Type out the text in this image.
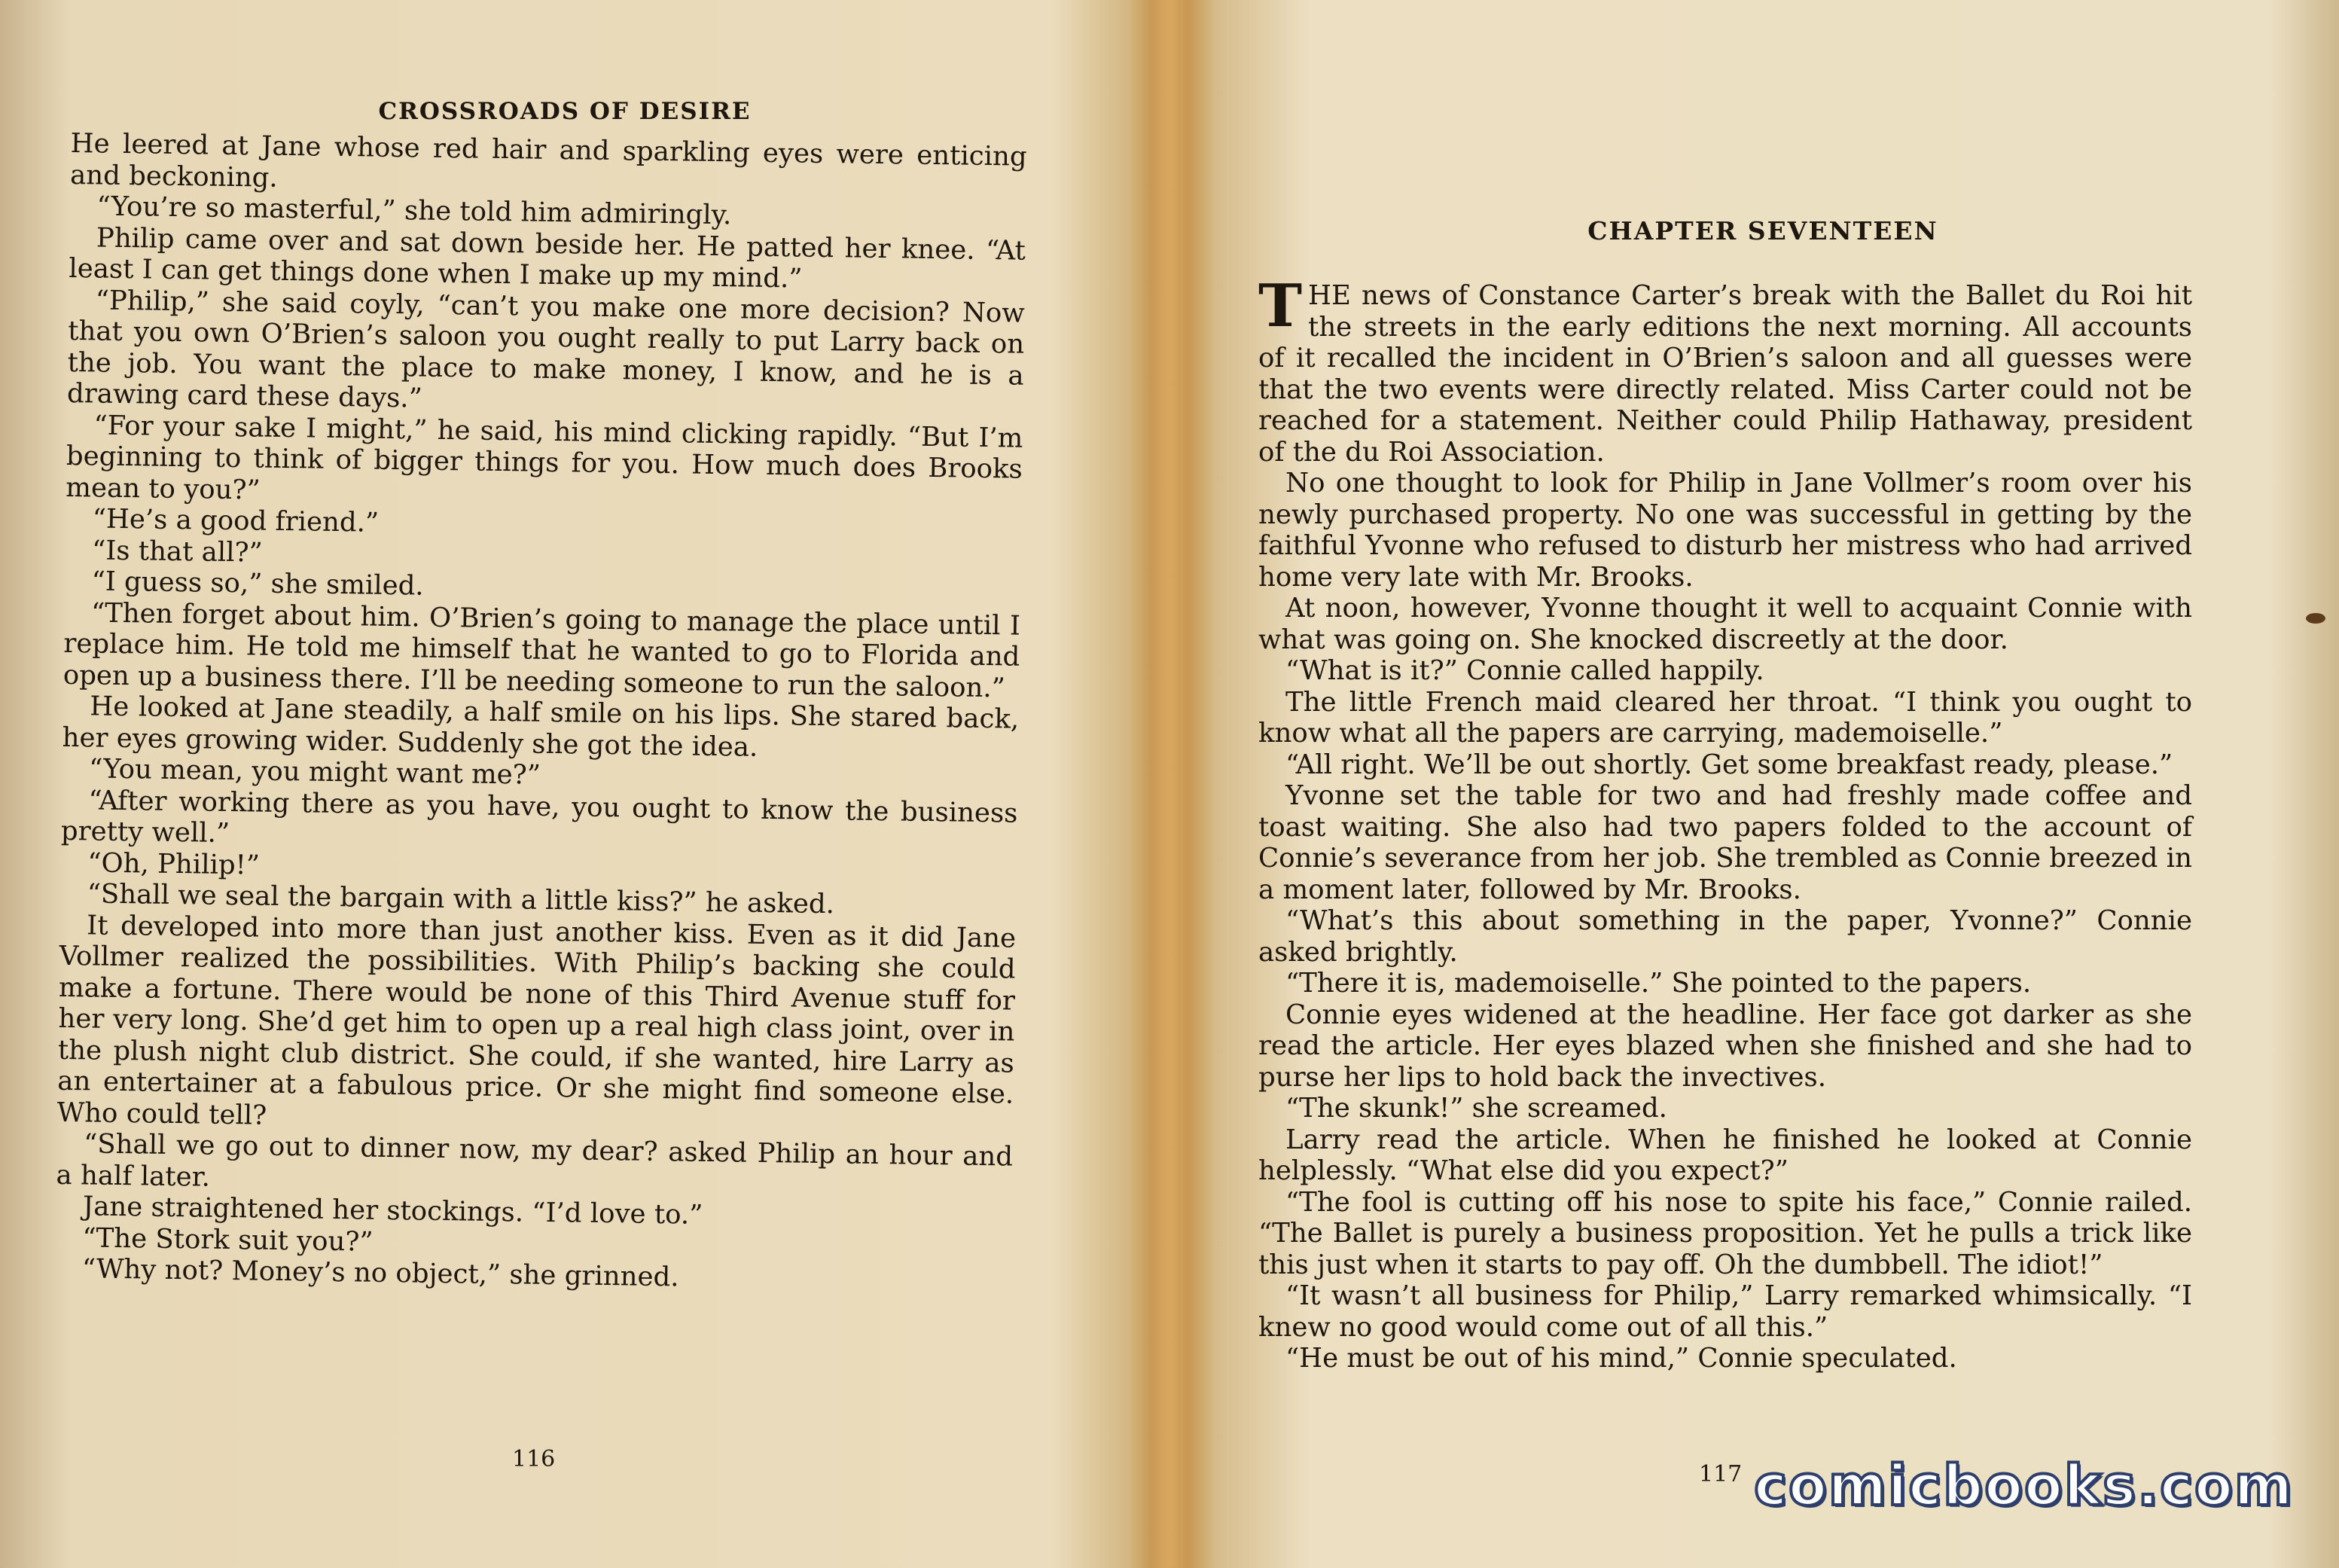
CROSSROADS OF DESIRE

He leered at Jane whose red hair and sparkling eyes were enticing and beckoning.

“You’re so masterful,” she told him admiringly.

Philip came over and sat down beside her. He patted her knee. “At least I can get things done when I make up my mind.”

“Philip,” she said coyly, “can’t you make one more decision? Now that you own O’Brien’s saloon you ought really to put Larry back on the job. You want the place to make money, I know, and he is a drawing card these days.”

“For your sake I might,” he said, his mind clicking rapidly. “But I’m beginning to think of bigger things for you. How much does Brooks mean to you?”

“He’s a good friend.”

“Is that all?”

“I guess so,” she smiled.

“Then forget about him. O’Brien’s going to manage the place until I replace him. He told me himself that he wanted to go to Florida and open up a business there. I’ll be needing someone to run the saloon.”

He looked at Jane steadily, a half smile on his lips. She stared back, her eyes growing wider. Suddenly she got the idea.

“You mean, you might want me?”

“After working there as you have, you ought to know the business pretty well.”

“Oh, Philip!”

“Shall we seal the bargain with a little kiss?” he asked.

It developed into more than just another kiss. Even as it did Jane Vollmer realized the possibilities. With Philip’s backing she could make a fortune. There would be none of this Third Avenue stuff for her very long. She’d get him to open up a real high class joint, over in the plush night club district. She could, if she wanted, hire Larry as an entertainer at a fabulous price. Or she might find someone else. Who could tell?

“Shall we go out to dinner now, my dear? asked Philip an hour and a half later.

Jane straightened her stockings. “I’d love to.”

“The Stork suit you?”

“Why not? Money’s no object,” she grinned.

116
CHAPTER SEVENTEEN

THE news of Constance Carter’s break with the Ballet du Roi hit the streets in the early editions the next morning. All accounts of it recalled the incident in O’Brien’s saloon and all guesses were that the two events were directly related. Miss Carter could not be reached for a statement. Neither could Philip Hathaway, president of the du Roi Association.

No one thought to look for Philip in Jane Vollmer’s room over his newly purchased property. No one was successful in getting by the faithful Yvonne who refused to disturb her mistress who had arrived home very late with Mr. Brooks.

At noon, however, Yvonne thought it well to acquaint Connie with what was going on. She knocked discreetly at the door.

“What is it?” Connie called happily.

The little French maid cleared her throat. “I think you ought to know what all the papers are carrying, mademoiselle.”

“All right. We’ll be out shortly. Get some breakfast ready, please.”

Yvonne set the table for two and had freshly made coffee and toast waiting. She also had two papers folded to the account of Connie’s severance from her job. She trembled as Connie breezed in a moment later, followed by Mr. Brooks.

“What’s this about something in the paper, Yvonne?” Connie asked brightly.

“There it is, mademoiselle.” She pointed to the papers.

Connie eyes widened at the headline. Her face got darker as she read the article. Her eyes blazed when she finished and she had to purse her lips to hold back the invectives.

“The skunk!” she screamed.

Larry read the article. When he finished he looked at Connie helplessly. “What else did you expect?”

“The fool is cutting off his nose to spite his face,” Connie railed. “The Ballet is purely a business proposition. Yet he pulls a trick like this just when it starts to pay off. Oh the dumbbell. The idiot!”

“It wasn’t all business for Philip,” Larry remarked whimsically. “I knew no good would come out of all this.”

“He must be out of his mind,” Connie speculated.

117 comicbooks.com
